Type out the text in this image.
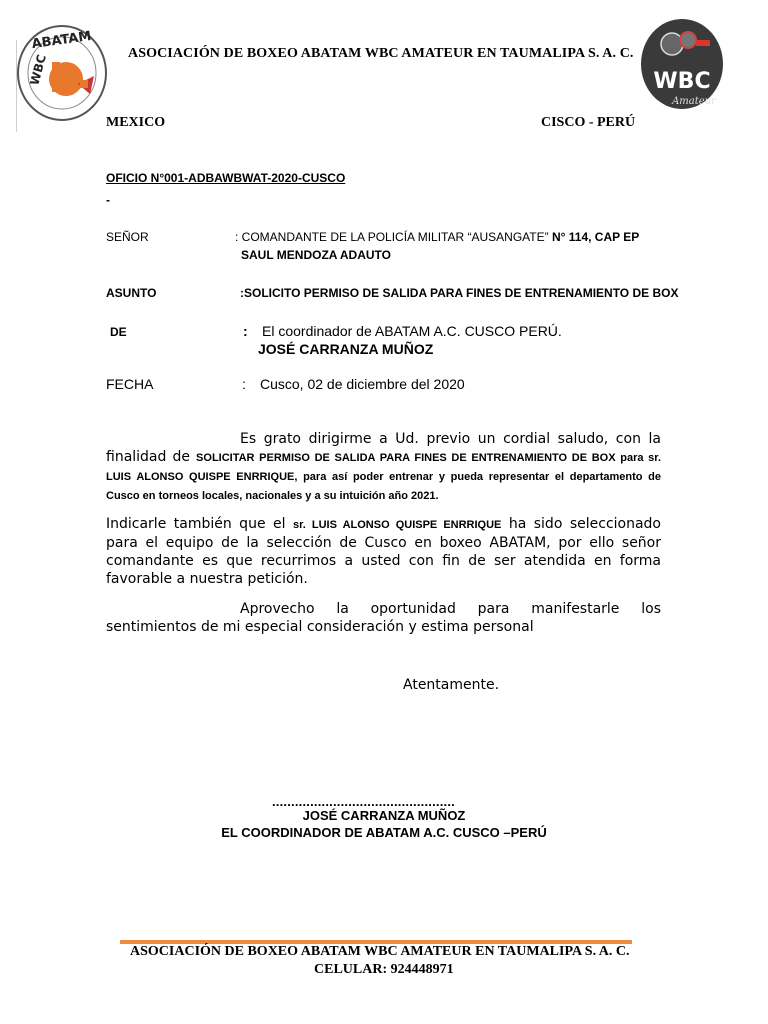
ABATAM
WBC	WBC
Amateur
ASOCIACIÓN DE BOXEO ABATAM WBC AMATEUR EN TAUMALIPA S. A. C.
MEXICO	CISCO - PERÚ
OFICIO N°001-ADBAWBWAT-2020-CUSCO
-
SEÑOR	: COMANDANTE DE LA POLICÍA MILITAR “AUSANGATE” N° 114, CAP EP
SAUL MENDOZA ADAUTO
ASUNTO	:SOLICITO PERMISO DE SALIDA PARA FINES DE ENTRENAMIENTO DE BOX
DE	: El coordinador de ABATAM A.C. CUSCO PERÚ.
JOSÉ CARRANZA MUÑOZ
FECHA	: Cusco, 02 de diciembre del 2020
Es grato dirigirme a Ud. previo un cordial saludo, con la finalidad de SOLICITAR PERMISO DE SALIDA PARA FINES DE ENTRENAMIENTO DE BOX para sr. LUIS ALONSO QUISPE ENRRIQUE, para así poder entrenar y pueda representar el departamento de Cusco en torneos locales, nacionales y a su intuición año 2021.
Indicarle también que el sr. LUIS ALONSO QUISPE ENRRIQUE ha sido seleccionado para el equipo de la selección de Cusco en boxeo ABATAM, por ello señor comandante es que recurrimos a usted con fin de ser atendida en forma favorable a nuestra petición.
Aprovecho la oportunidad para manifestarle los sentimientos de mi especial consideración y estima personal
Atentamente.
................................................
JOSÉ CARRANZA MUÑOZ
EL COORDINADOR DE ABATAM A.C. CUSCO –PERÚ
ASOCIACIÓN DE BOXEO ABATAM WBC AMATEUR EN TAUMALIPA S. A. C.
CELULAR: 924448971
